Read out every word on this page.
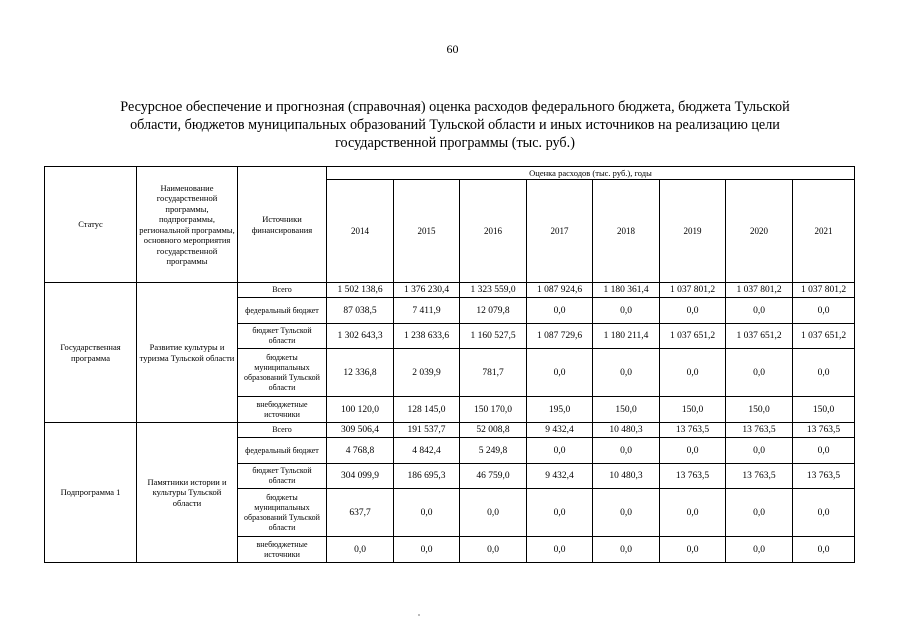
60
Ресурсное обеспечение и прогнозная (справочная) оценка расходов федерального бюджета, бюджета Тульской
области, бюджетов муниципальных образований Тульской области и иных источников на реализацию цели
государственной программы (тыс. руб.)
Статус	Наименование государственной программы, подпрограммы, региональной программы, основного мероприятия государственной программы	Источники финансирования	Оценка расходов (тыс. руб.), годы							
			2014	2015	2016	2017	2018	2019	2020	2021
Государственная программа	Развитие культуры и туризма Тульской области	Всего	1 502 138,6	1 376 230,4	1 323 559,0	1 087 924,6	1 180 361,4	1 037 801,2	1 037 801,2	1 037 801,2
		федеральный бюджет	87 038,5	7 411,9	12 079,8	0,0	0,0	0,0	0,0	0,0
		бюджет Тульской области	1 302 643,3	1 238 633,6	1 160 527,5	1 087 729,6	1 180 211,4	1 037 651,2	1 037 651,2	1 037 651,2
		бюджеты муниципальных образований Тульской области	12 336,8	2 039,9	781,7	0,0	0,0	0,0	0,0	0,0
		внебюджетные источники	100 120,0	128 145,0	150 170,0	195,0	150,0	150,0	150,0	150,0
Подпрограмма 1	Памятники истории и культуры Тульской области	Всего	309 506,4	191 537,7	52 008,8	9 432,4	10 480,3	13 763,5	13 763,5	13 763,5
		федеральный бюджет	4 768,8	4 842,4	5 249,8	0,0	0,0	0,0	0,0	0,0
		бюджет Тульской области	304 099,9	186 695,3	46 759,0	9 432,4	10 480,3	13 763,5	13 763,5	13 763,5
		бюджеты муниципальных образований Тульской области	637,7	0,0	0,0	0,0	0,0	0,0	0,0	0,0
		внебюджетные источники	0,0	0,0	0,0	0,0	0,0	0,0	0,0	0,0
